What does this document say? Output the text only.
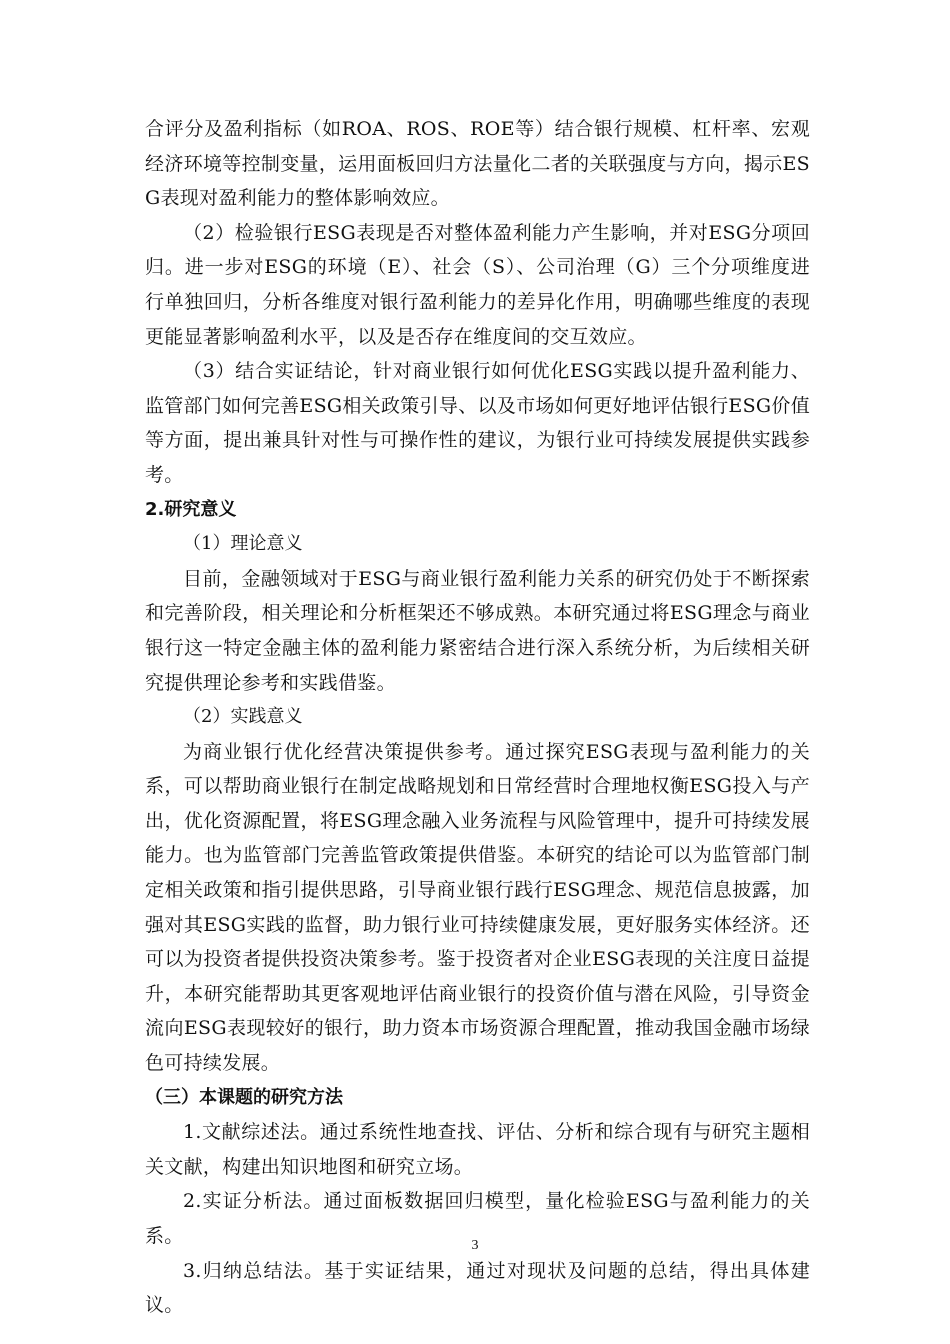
合评分及盈利指标（如ROA、ROS、ROE等）结合银行规模、杠杆率、宏观经济环境等控制变量，运用面板回归方法量化二者的关联强度与方向，揭示ESG表现对盈利能力的整体影响效应。

（2）检验银行ESG表现是否对整体盈利能力产生影响，并对ESG分项回归。进一步对ESG的环境（E）、社会（S）、公司治理（G）三个分项维度进行单独回归，分析各维度对银行盈利能力的差异化作用，明确哪些维度的表现更能显著影响盈利水平，以及是否存在维度间的交互效应。

（3）结合实证结论，针对商业银行如何优化ESG实践以提升盈利能力、监管部门如何完善ESG相关政策引导、以及市场如何更好地评估银行ESG价值等方面，提出兼具针对性与可操作性的建议，为银行业可持续发展提供实践参考。

2.研究意义

（1）理论意义

目前，金融领域对于ESG与商业银行盈利能力关系的研究仍处于不断探索和完善阶段，相关理论和分析框架还不够成熟。本研究通过将ESG理念与商业银行这一特定金融主体的盈利能力紧密结合进行深入系统分析，为后续相关研究提供理论参考和实践借鉴。

（2）实践意义

为商业银行优化经营决策提供参考。通过探究ESG表现与盈利能力的关系，可以帮助商业银行在制定战略规划和日常经营时合理地权衡ESG投入与产出，优化资源配置，将ESG理念融入业务流程与风险管理中，提升可持续发展能力。也为监管部门完善监管政策提供借鉴。本研究的结论可以为监管部门制定相关政策和指引提供思路，引导商业银行践行ESG理念、规范信息披露，加强对其ESG实践的监督，助力银行业可持续健康发展，更好服务实体经济。还可以为投资者提供投资决策参考。鉴于投资者对企业ESG表现的关注度日益提升，本研究能帮助其更客观地评估商业银行的投资价值与潜在风险，引导资金流向ESG表现较好的银行，助力资本市场资源合理配置，推动我国金融市场绿色可持续发展。

（三）本课题的研究方法

1.文献综述法。通过系统性地查找、评估、分析和综合现有与研究主题相关文献，构建出知识地图和研究立场。

2.实证分析法。通过面板数据回归模型，量化检验ESG与盈利能力的关系。

3.归纳总结法。基于实证结果，通过对现状及问题的总结，得出具体建议。

3
